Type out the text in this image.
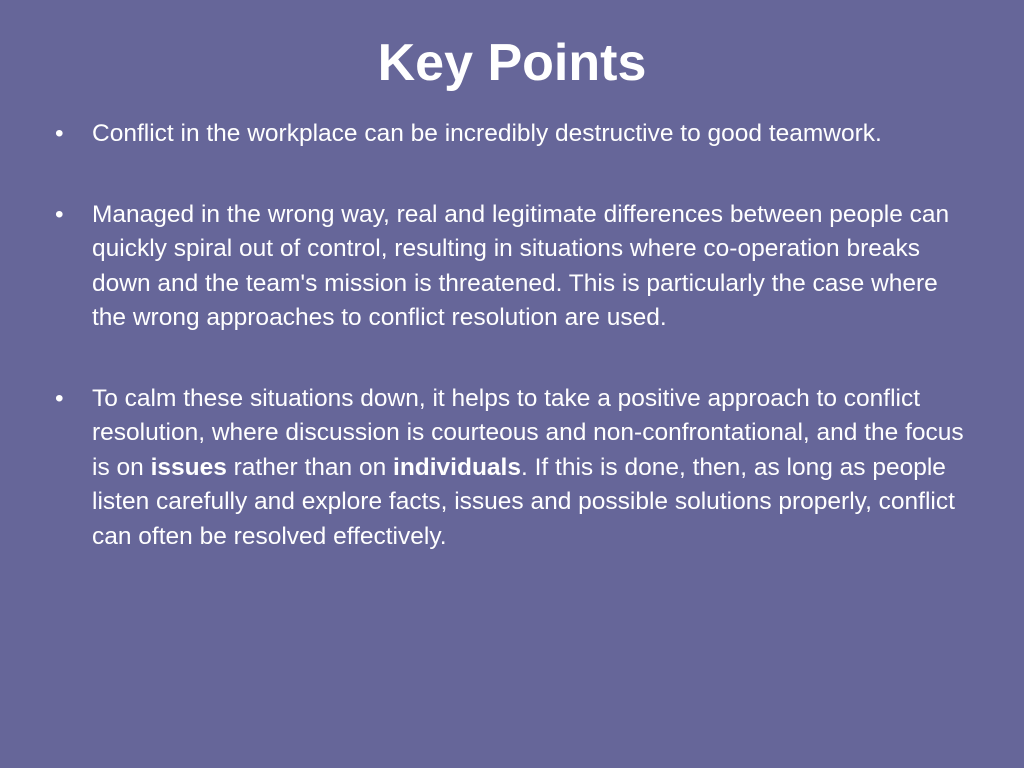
Key Points
• Conflict in the workplace can be incredibly destructive to good teamwork.
• Managed in the wrong way, real and legitimate differences between people can quickly spiral out of control, resulting in situations where co-operation breaks down and the team's mission is threatened. This is particularly the case where the wrong approaches to conflict resolution are used.
• To calm these situations down, it helps to take a positive approach to conflict resolution, where discussion is courteous and non-confrontational, and the focus is on issues rather than on individuals. If this is done, then, as long as people listen carefully and explore facts, issues and possible solutions properly, conflict can often be resolved effectively.
